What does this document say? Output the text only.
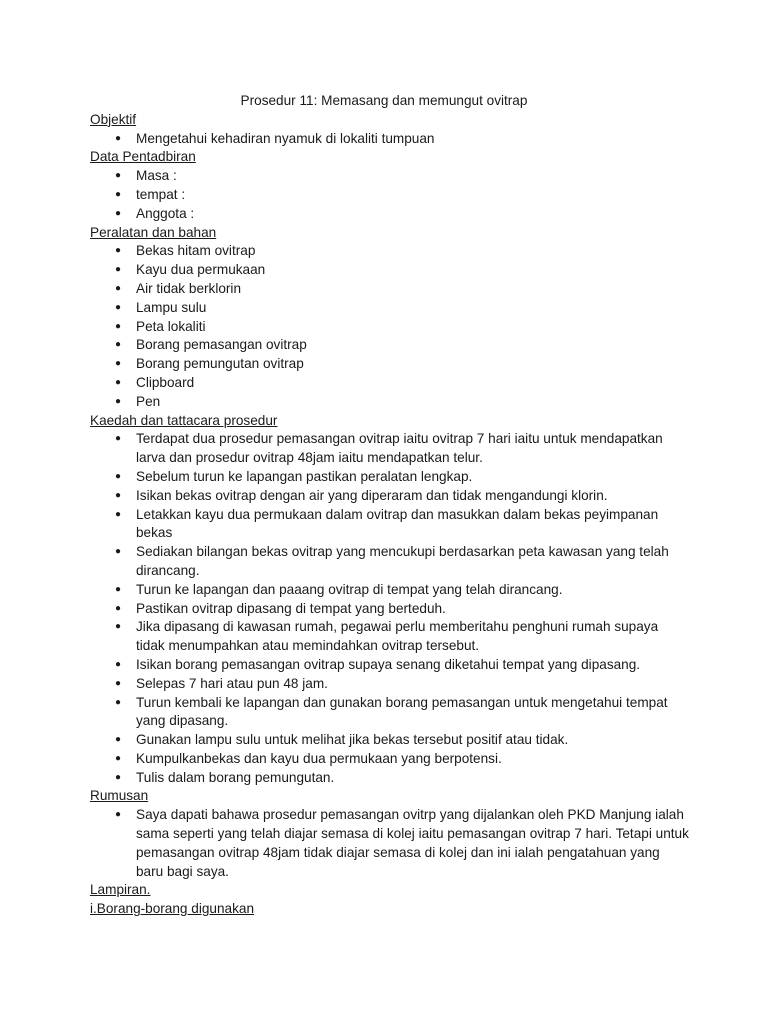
Prosedur 11: Memasang dan memungut ovitrap

Objektif

● Mengetahui kehadiran nyamuk di lokaliti tumpuan

Data Pentadbiran

● Masa :
● tempat :
● Anggota :

Peralatan dan bahan

● Bekas hitam ovitrap
● Kayu dua permukaan
● Air tidak berklorin
● Lampu sulu
● Peta lokaliti
● Borang pemasangan ovitrap
● Borang pemungutan ovitrap
● Clipboard
● Pen

Kaedah dan tattacara prosedur

● Terdapat dua prosedur pemasangan ovitrap iaitu ovitrap 7 hari iaitu untuk mendapatkan larva dan prosedur ovitrap 48jam iaitu mendapatkan telur.
● Sebelum turun ke lapangan pastikan peralatan lengkap.
● Isikan bekas ovitrap dengan air yang diperaram dan tidak mengandungi klorin.
● Letakkan kayu dua permukaan dalam ovitrap dan masukkan dalam bekas peyimpanan bekas
● Sediakan bilangan bekas ovitrap yang mencukupi berdasarkan peta kawasan yang telah dirancang.
● Turun ke lapangan dan paaang ovitrap di tempat yang telah dirancang.
● Pastikan ovitrap dipasang di tempat yang berteduh.
● Jika dipasang di kawasan rumah, pegawai perlu memberitahu penghuni rumah supaya tidak menumpahkan atau memindahkan ovitrap tersebut.
● Isikan borang pemasangan ovitrap supaya senang diketahui tempat yang dipasang.
● Selepas 7 hari atau pun 48 jam.
● Turun kembali ke lapangan dan gunakan borang pemasangan untuk mengetahui tempat yang dipasang.
● Gunakan lampu sulu untuk melihat jika bekas tersebut positif atau tidak.
● Kumpulkanbekas dan kayu dua permukaan yang berpotensi.
● Tulis dalam borang pemungutan.

Rumusan

● Saya dapati bahawa prosedur pemasangan ovitrp yang dijalankan oleh PKD Manjung ialah sama seperti yang telah diajar semasa di kolej iaitu pemasangan ovitrap 7 hari. Tetapi untuk pemasangan ovitrap 48jam tidak diajar semasa di kolej dan ini ialah pengatahuan yang baru bagi saya.

Lampiran.

i.Borang-borang digunakan
